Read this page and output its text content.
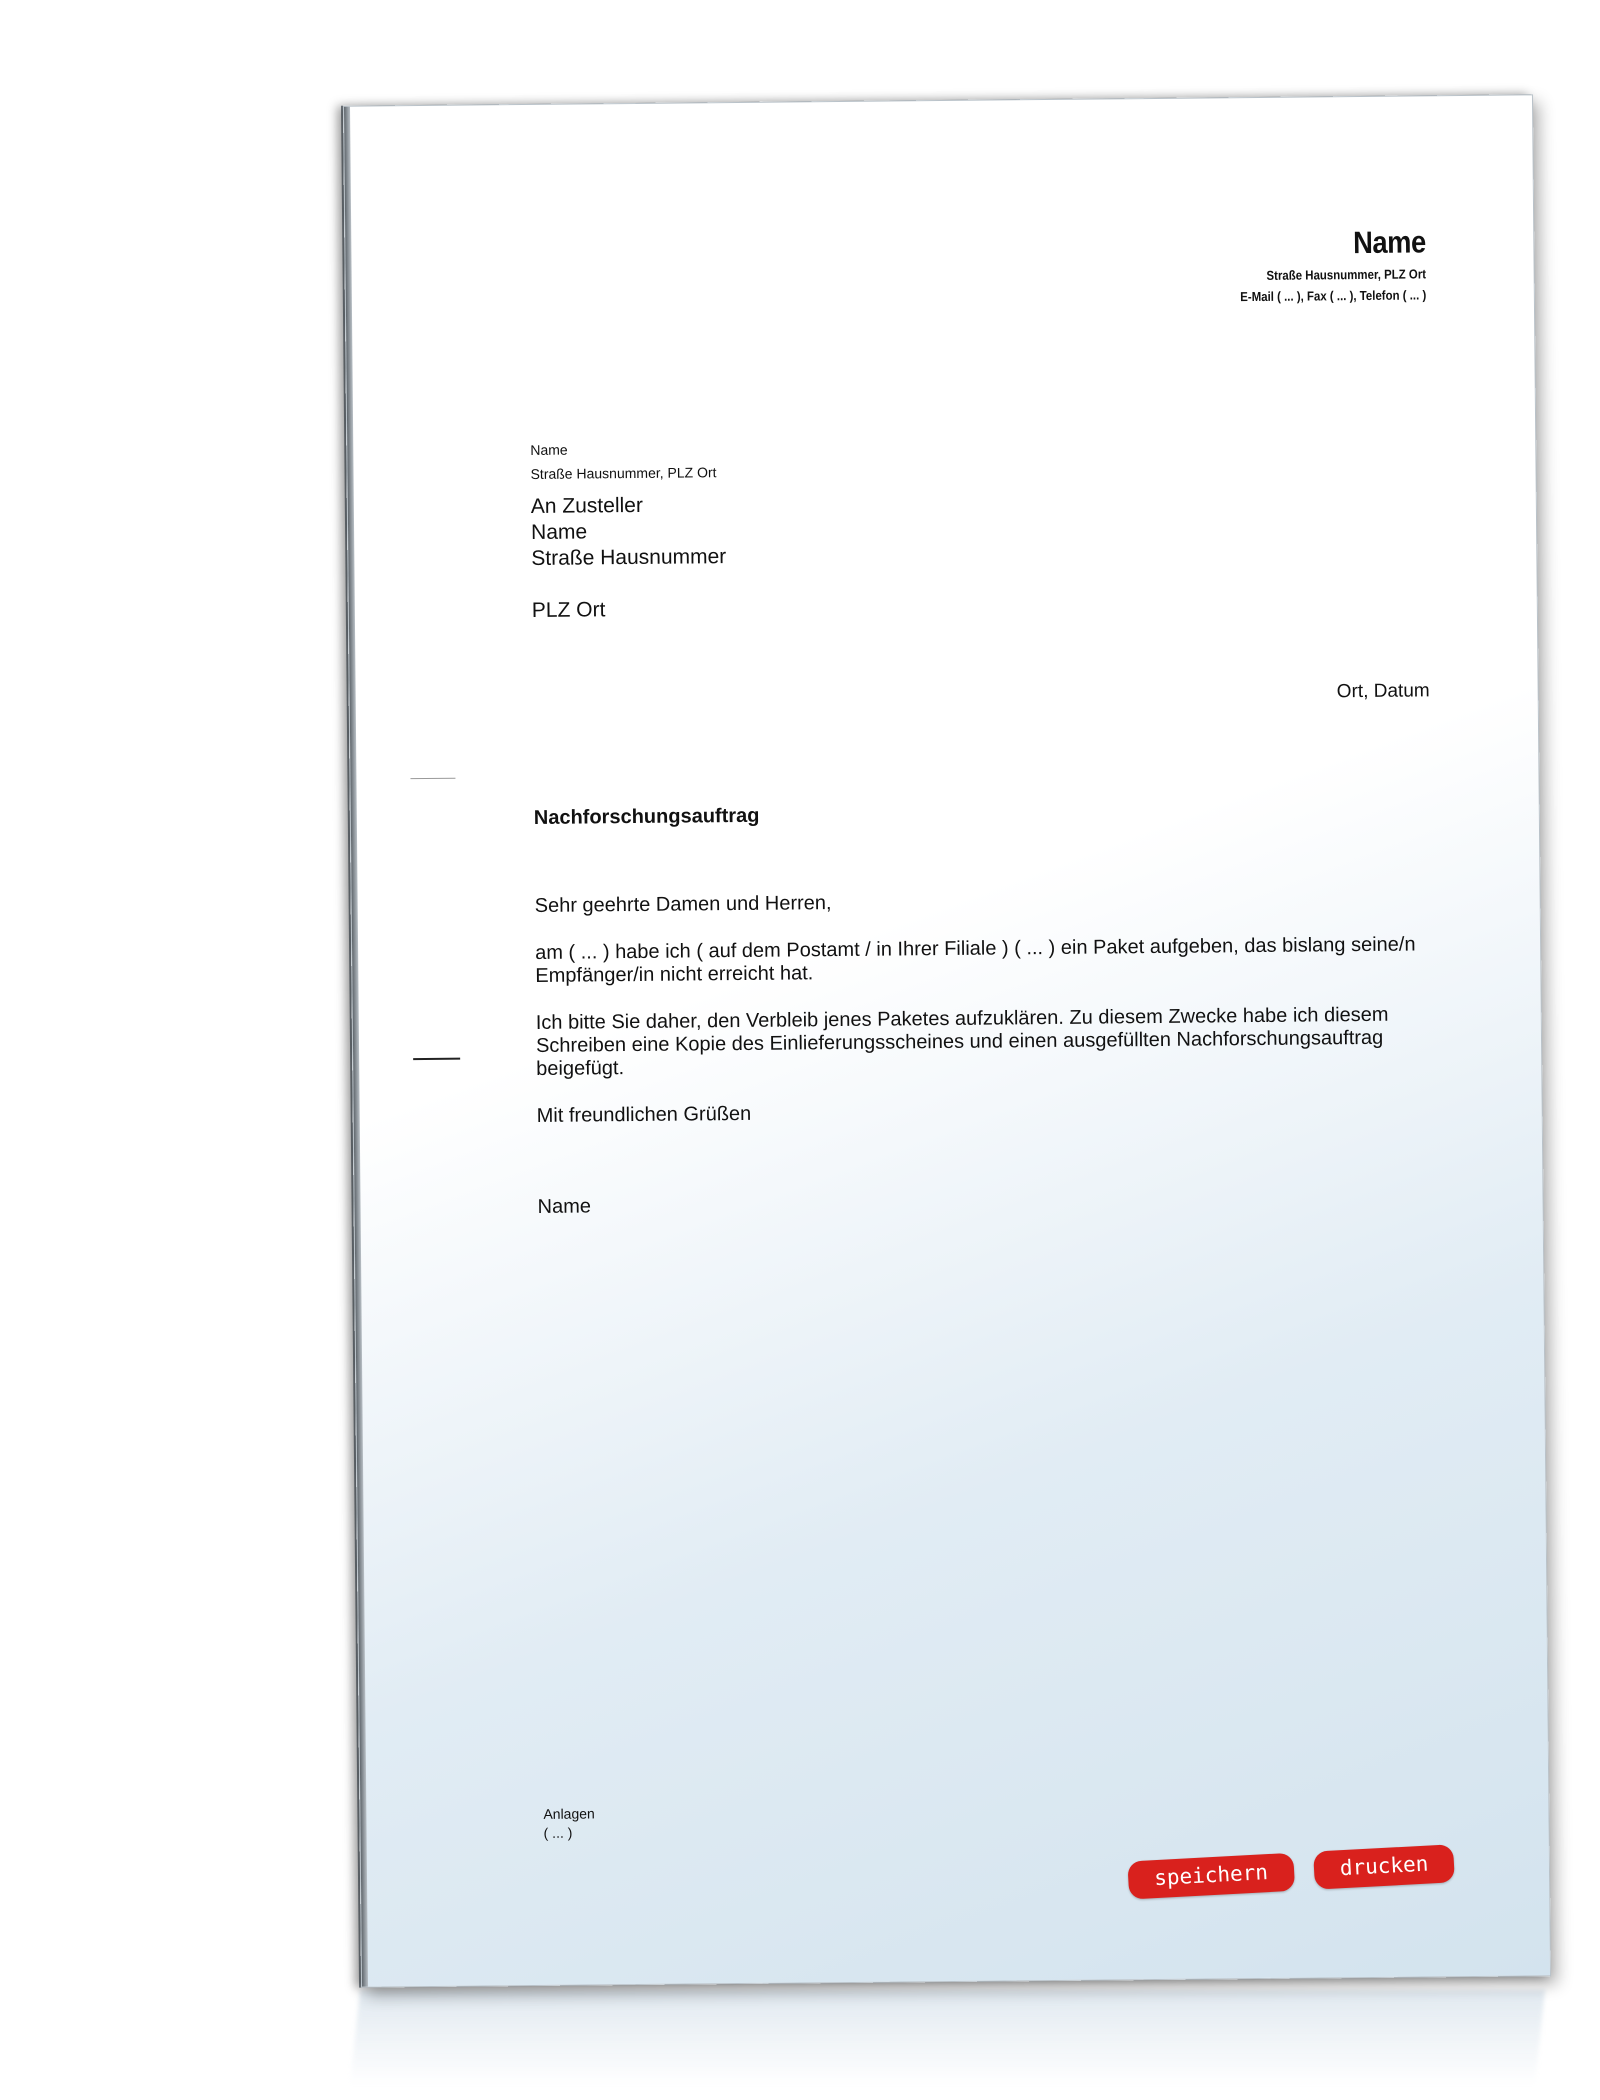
Name
Straße Hausnummer, PLZ Ort
E-Mail ( ... ), Fax ( ... ), Telefon ( ... )
Name
Straße Hausnummer, PLZ Ort
An Zusteller
Name
Straße Hausnummer
PLZ Ort
Ort, Datum
Nachforschungsauftrag

Sehr geehrte Damen und Herren,

am ( ... ) habe ich ( auf dem Postamt / in Ihrer Filiale ) ( ... ) ein Paket aufgeben, das bislang seine/n Empfänger/in nicht erreicht hat.

Ich bitte Sie daher, den Verbleib jenes Paketes aufzuklären. Zu diesem Zwecke habe ich diesem Schreiben eine Kopie des Einlieferungsscheines und einen ausgefüllten Nachforschungsauftrag beigefügt.

Mit freundlichen Grüßen

Name

Anlagen
( ... )
speichern	drucken
